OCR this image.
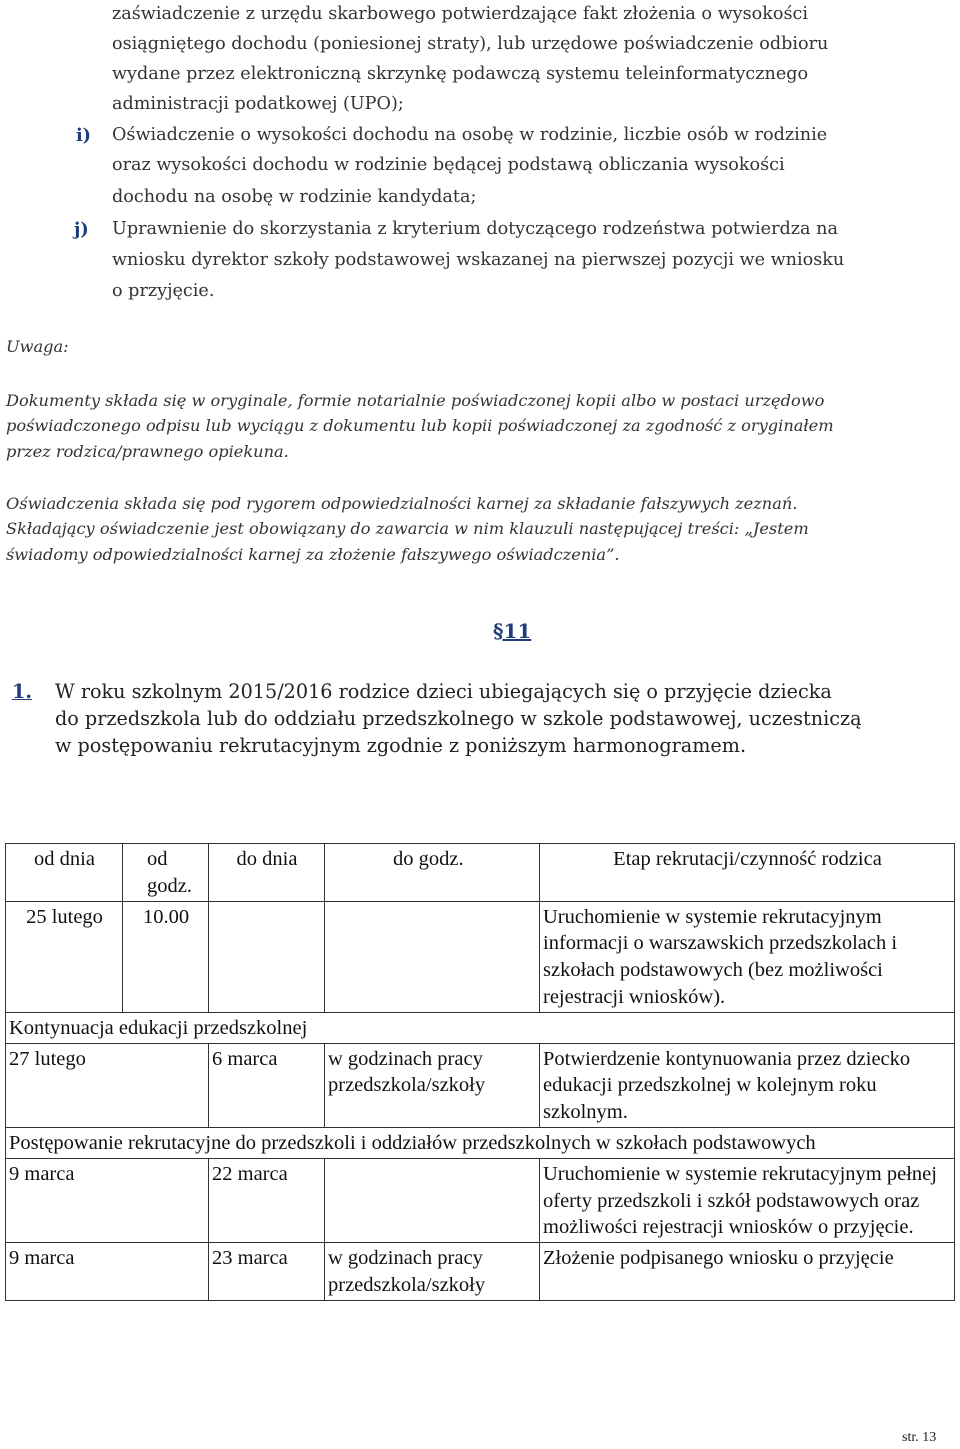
zaświadczenie z urzędu skarbowego potwierdzające fakt złożenia o wysokości
osiągniętego dochodu (poniesionej straty), lub urzędowe poświadczenie odbioru
wydane przez elektroniczną skrzynkę podawczą systemu teleinformatycznego
administracji podatkowej (UPO);
i) Oświadczenie o wysokości dochodu na osobę w rodzinie, liczbie osób w rodzinie
oraz wysokości dochodu w rodzinie będącej podstawą obliczania wysokości
dochodu na osobę w rodzinie kandydata;
j) Uprawnienie do skorzystania z kryterium dotyczącego rodzeństwa potwierdza na
wniosku dyrektor szkoły podstawowej wskazanej na pierwszej pozycji we wniosku
o przyjęcie.
Uwaga:
Dokumenty składa się w oryginale, formie notarialnie poświadczonej kopii albo w postaci urzędowo
poświadczonego odpisu lub wyciągu z dokumentu lub kopii poświadczonej za zgodność z oryginałem
przez rodzica/prawnego opiekuna.
Oświadczenia składa się pod rygorem odpowiedzialności karnej za składanie fałszywych zeznań.
Składający oświadczenie jest obowiązany do zawarcia w nim klauzuli następującej treści: „Jestem
świadomy odpowiedzialności karnej za złożenie fałszywego oświadczenia”.
§11
1. W roku szkolnym 2015/2016 rodzice dzieci ubiegających się o przyjęcie dziecka
do przedszkola lub do oddziału przedszkolnego w szkole podstawowej, uczestniczą
w postępowaniu rekrutacyjnym zgodnie z poniższym harmonogramem.
od dnia	od godz.	do dnia	do godz.	Etap rekrutacji/czynność rodzica
25 lutego	10.00			Uruchomienie w systemie rekrutacyjnym informacji o warszawskich przedszkolach i szkołach podstawowych (bez możliwości rejestracji wniosków).
Kontynuacja edukacji przedszkolnej				
27 lutego		6 marca	w godzinach pracy przedszkola/szkoły	Potwierdzenie kontynuowania przez dziecko edukacji przedszkolnej w kolejnym roku szkolnym.
Postępowanie rekrutacyjne do przedszkoli i oddziałów przedszkolnych w szkołach podstawowych				
9 marca		22 marca		Uruchomienie w systemie rekrutacyjnym pełnej oferty przedszkoli i szkół podstawowych oraz możliwości rejestracji wniosków o przyjęcie.
9 marca		23 marca	w godzinach pracy przedszkola/szkoły	Złożenie podpisanego wniosku o przyjęcie
str. 13
